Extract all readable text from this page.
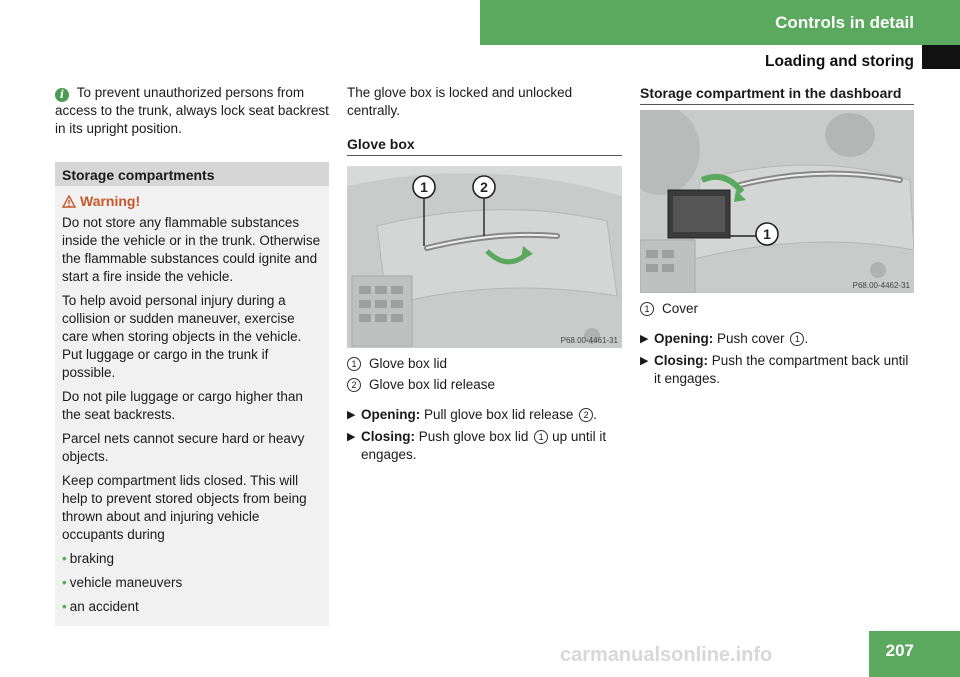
Controls in detail
Loading and storing
i To prevent unauthorized persons from access to the trunk, always lock seat backrest in its upright position.
Storage compartments
Warning!

Do not store any flammable substances inside the vehicle or in the trunk. Otherwise the flammable substances could ignite and start a fire inside the vehicle.

To help avoid personal injury during a collision or sudden maneuver, exercise care when storing objects in the vehicle. Put luggage or cargo in the trunk if possible.

Do not pile luggage or cargo higher than the seat backrests.

Parcel nets cannot secure hard or heavy objects.

Keep compartment lids closed. This will help to prevent stored objects from being thrown about and injuring vehicle occupants during

• braking
• vehicle maneuvers
• an accident
The glove box is locked and unlocked centrally.
Glove box
1	2
P68.00-4461-31
1 Glove box lid
2 Glove box lid release
▶ Opening: Pull glove box lid release 2 .
▶ Closing: Push glove box lid 1 up until it engages.
Storage compartment in the dashboard
1
P68.00-4462-31
1 Cover
▶ Opening: Push cover 1 .
▶ Closing: Push the compartment back until it engages.
carmanualsonline.info	207
